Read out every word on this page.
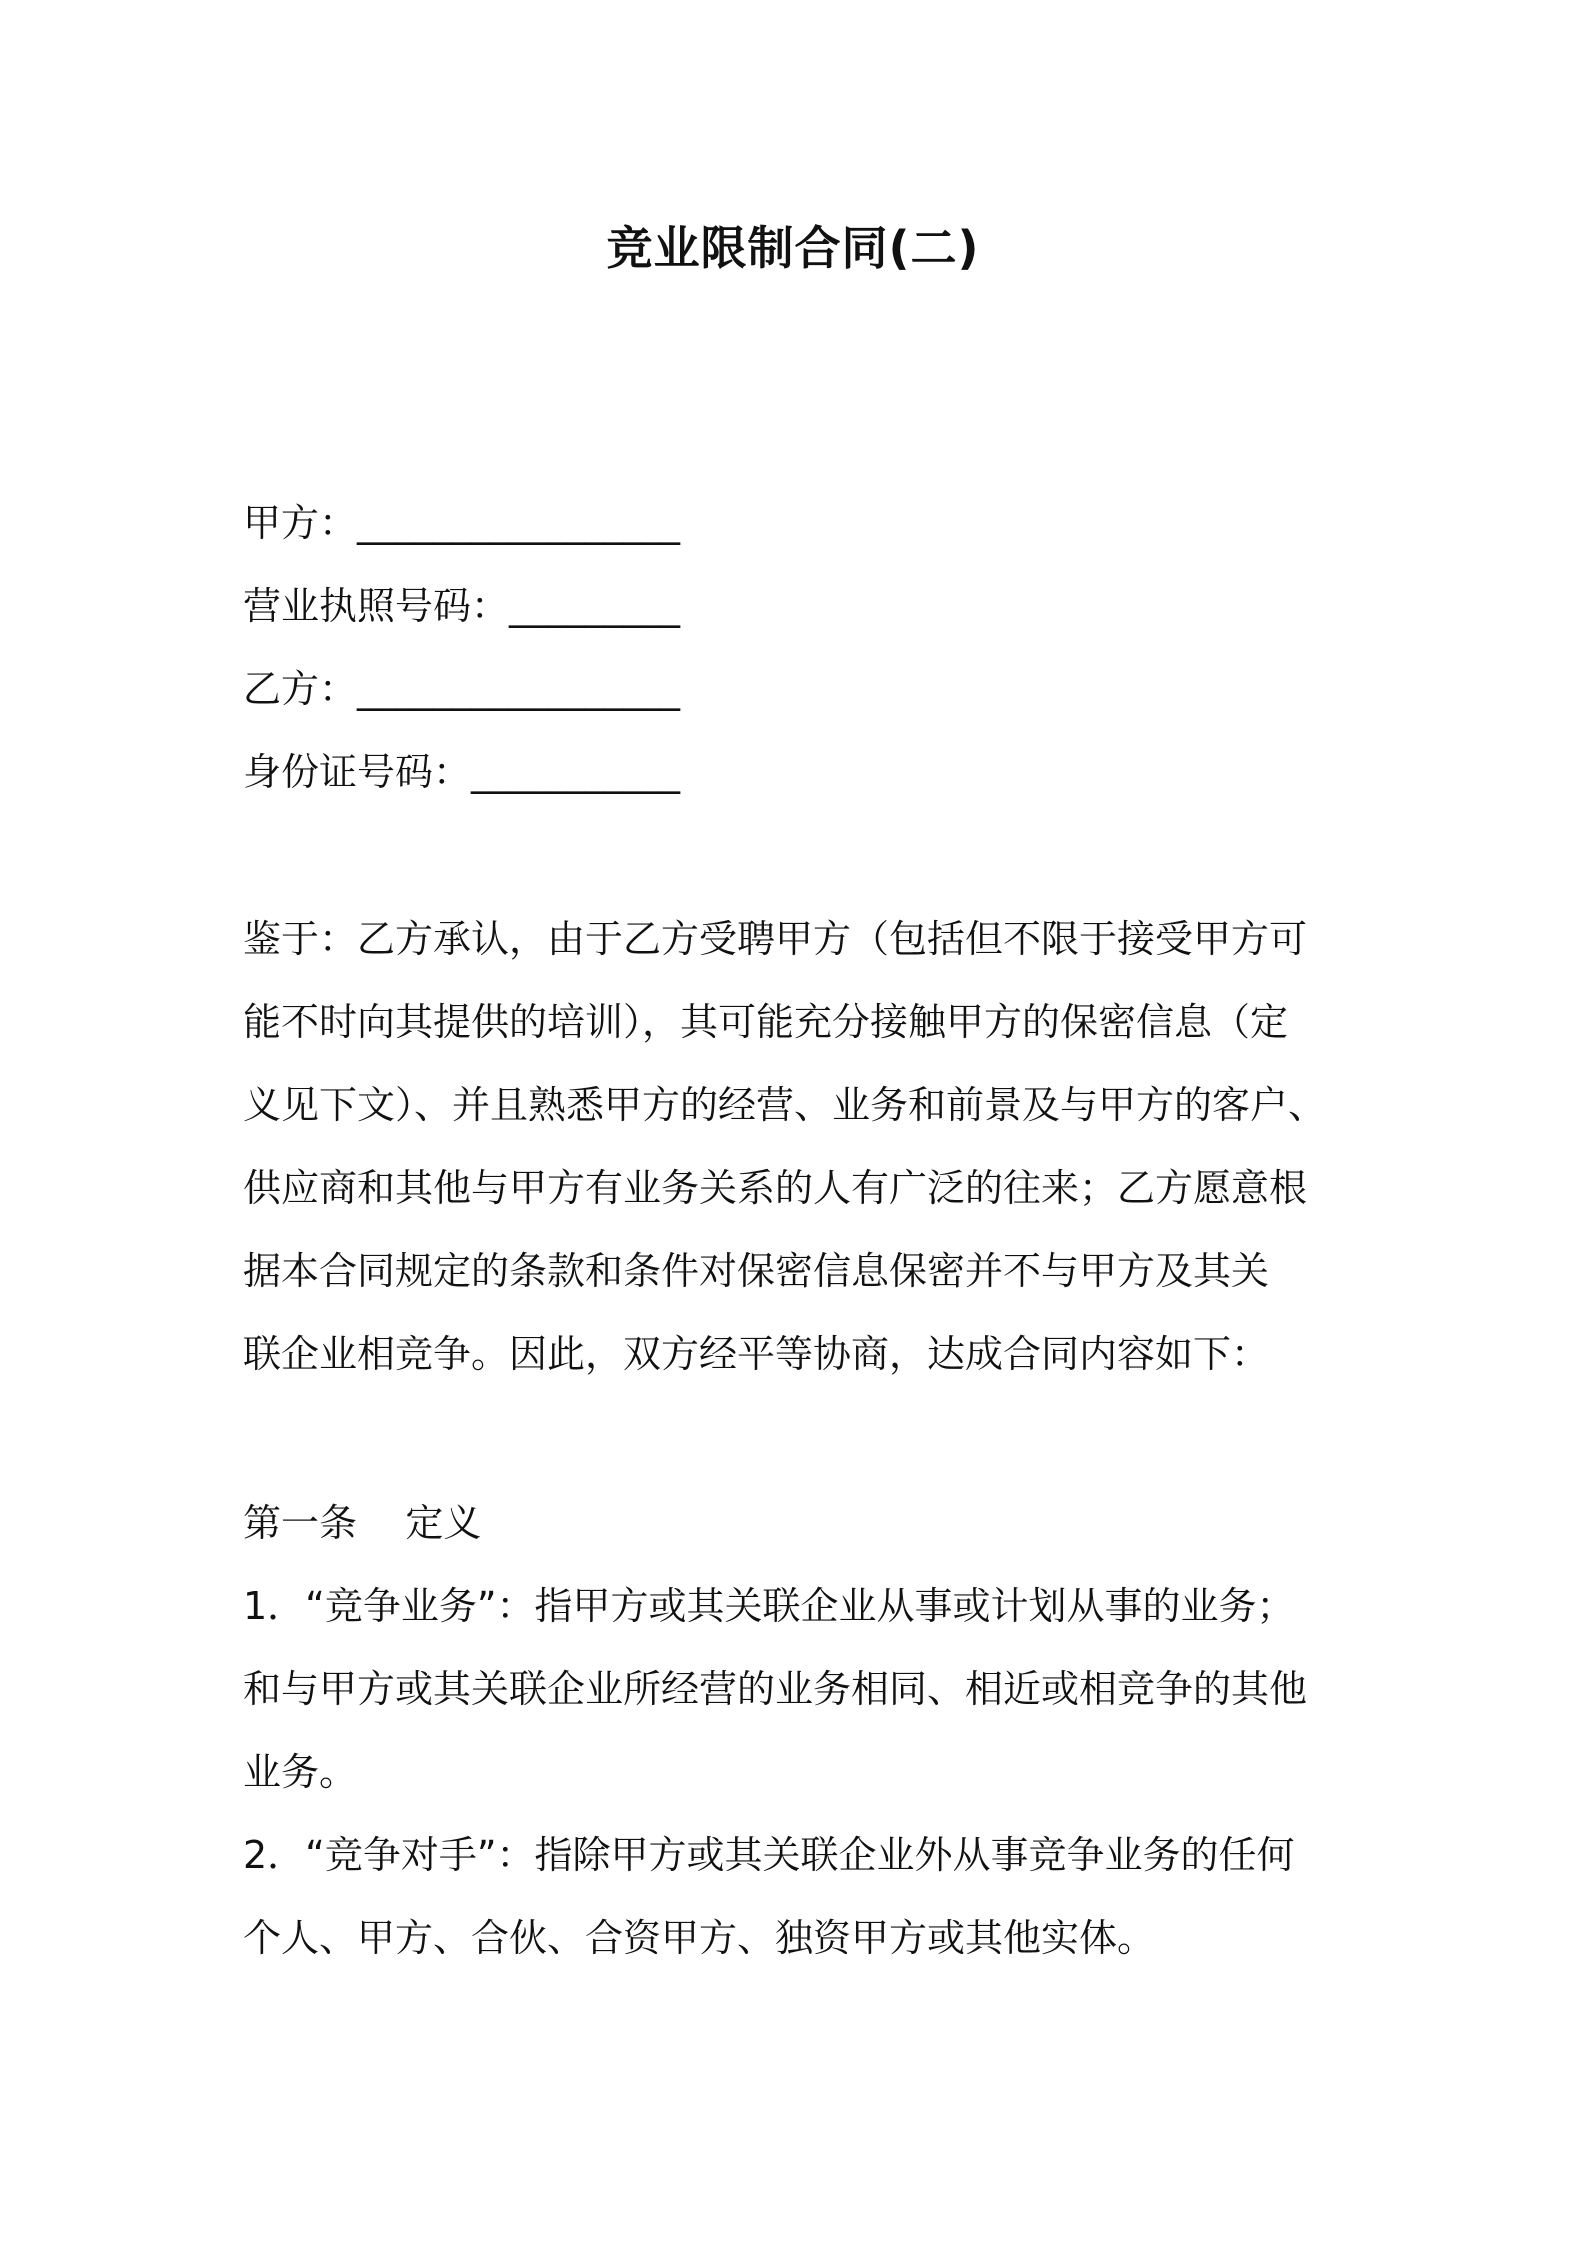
竞业限制合同(二)
甲方：_________________
营业执照号码：_________
乙方：_________________
身份证号码：___________
鉴于：乙方承认，由于乙方受聘甲方（包括但不限于接受甲方可
能不时向其提供的培训），其可能充分接触甲方的保密信息（定
义见下文）、并且熟悉甲方的经营、业务和前景及与甲方的客户、
供应商和其他与甲方有业务关系的人有广泛的往来；乙方愿意根
据本合同规定的条款和条件对保密信息保密并不与甲方及其关
联企业相竞争。因此，双方经平等协商，达成合同内容如下：
第一条    定义
1．“竞争业务”：指甲方或其关联企业从事或计划从事的业务；
和与甲方或其关联企业所经营的业务相同、相近或相竞争的其他
业务。
2．“竞争对手”：指除甲方或其关联企业外从事竞争业务的任何
个人、甲方、合伙、合资甲方、独资甲方或其他实体。
